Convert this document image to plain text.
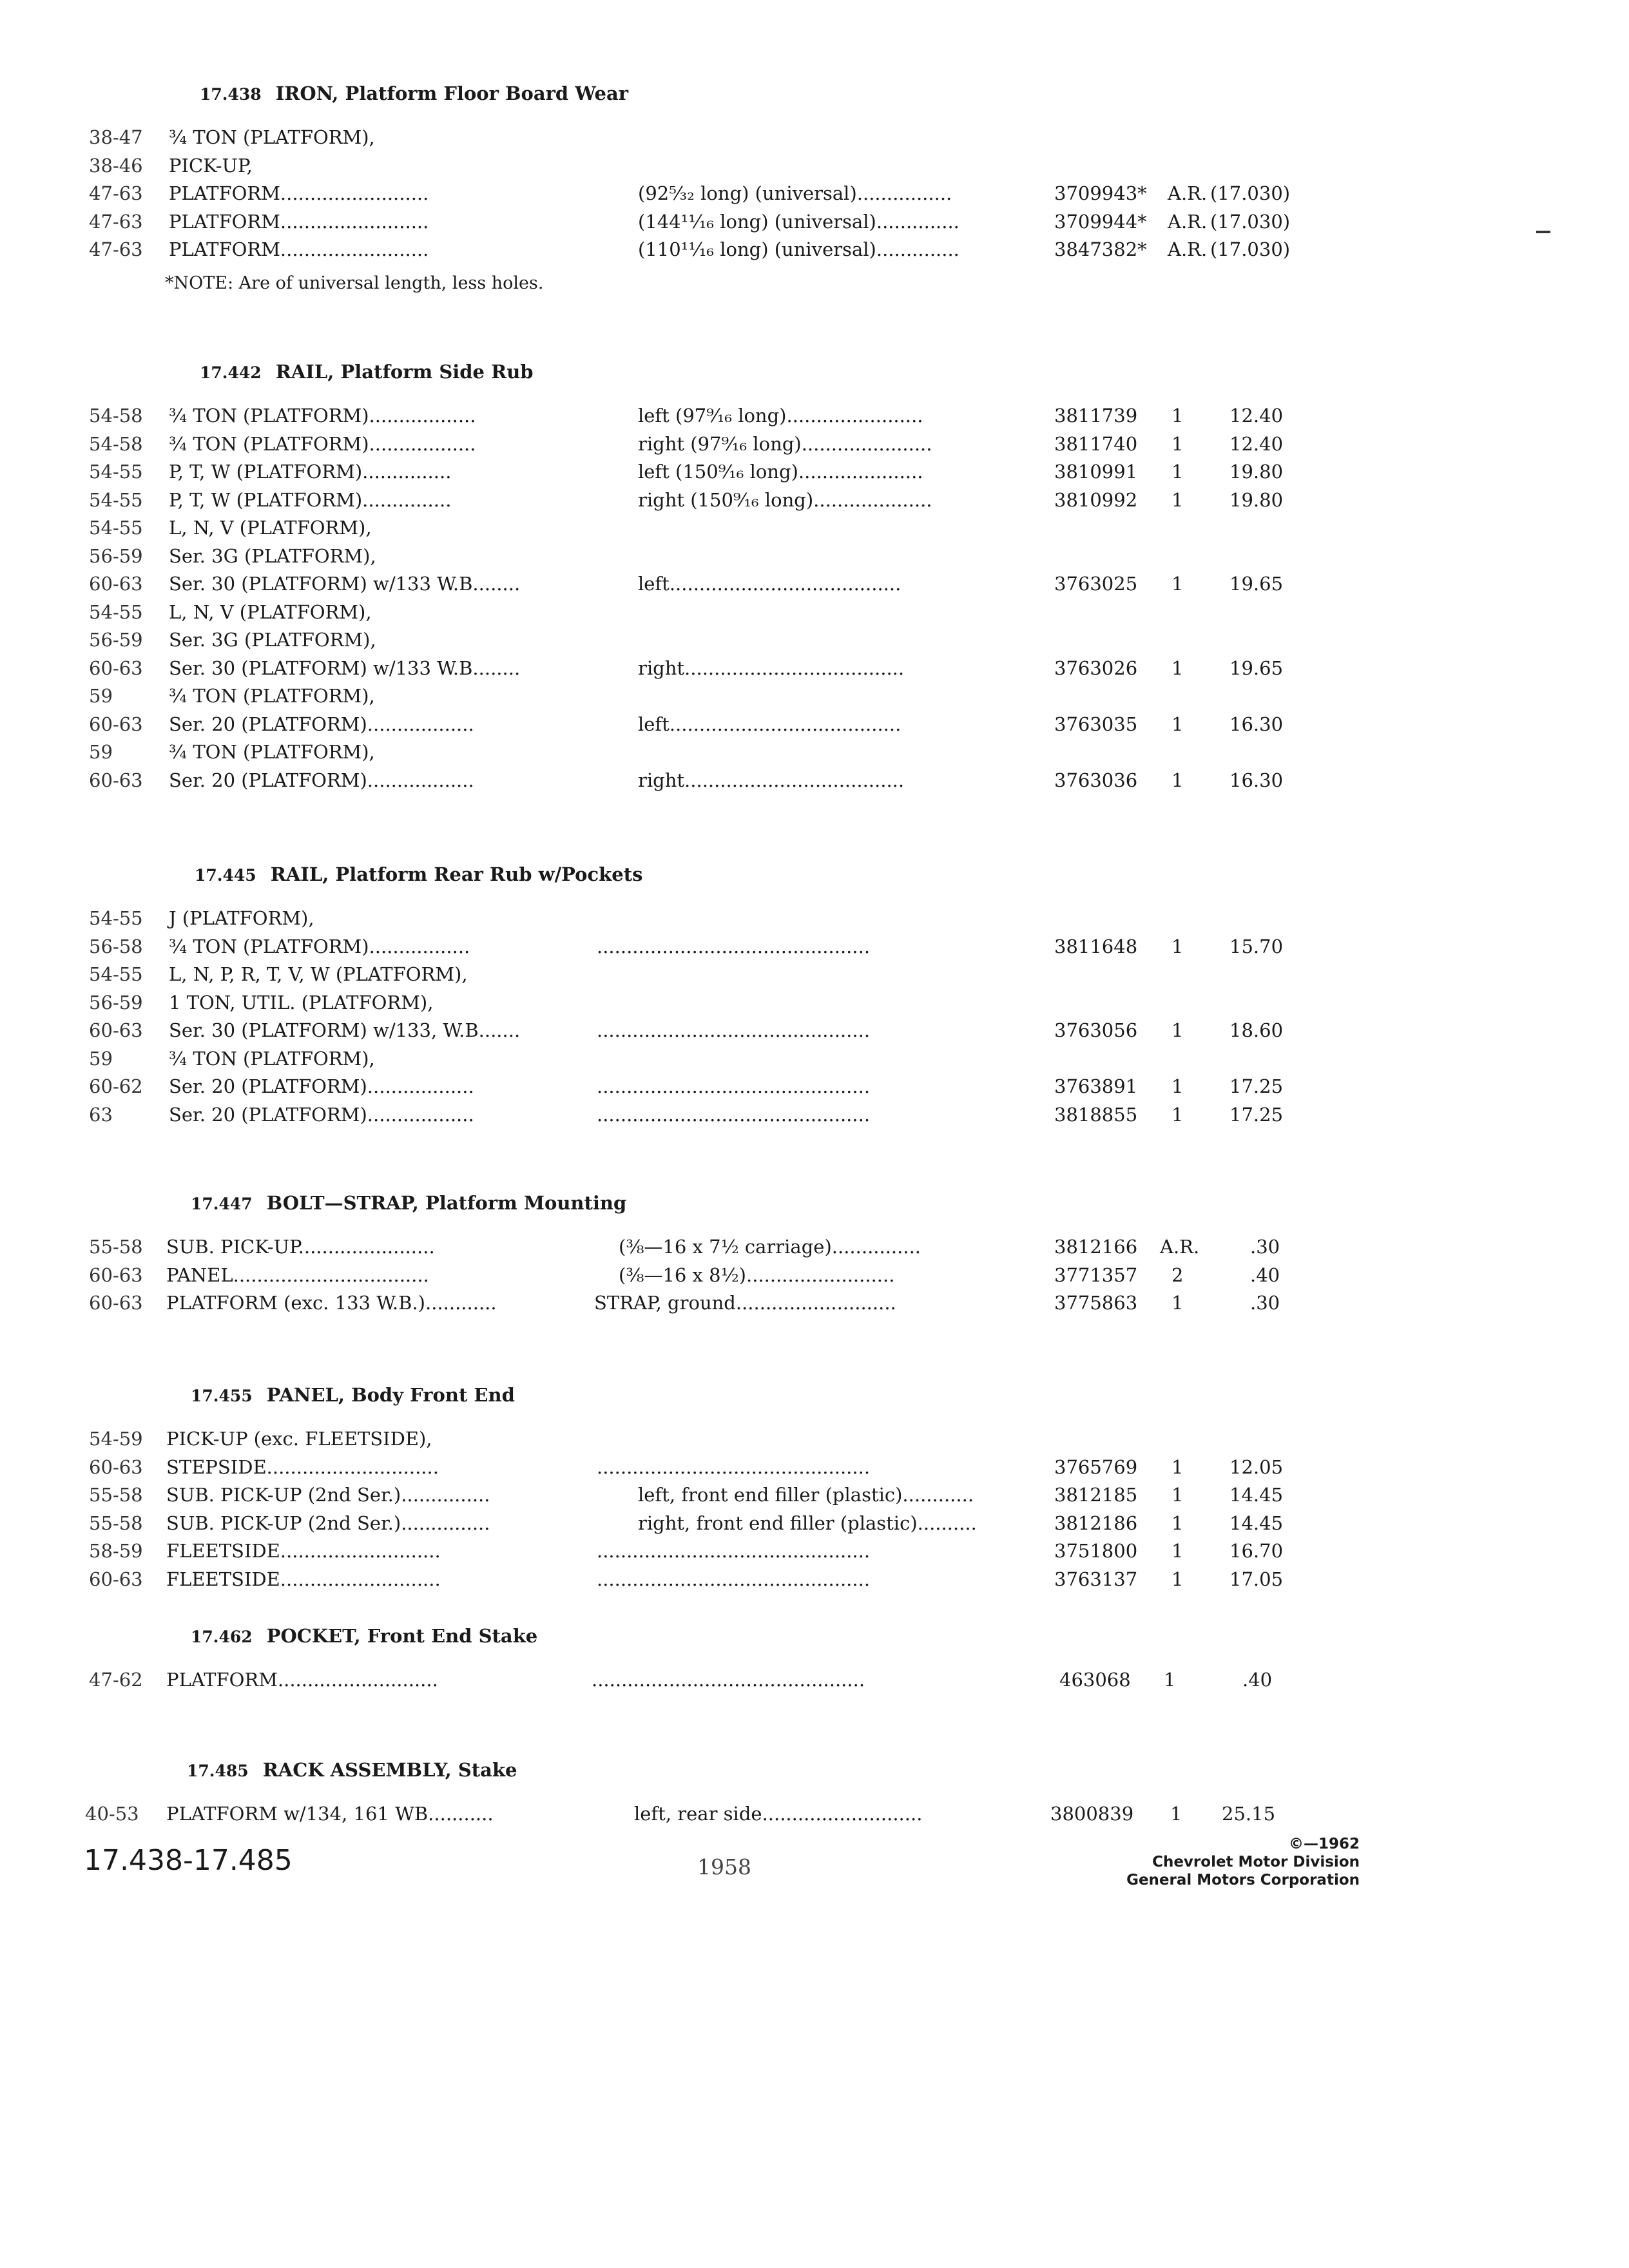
17.438 IRON, Platform Floor Board Wear
38-47 ¾ TON (PLATFORM),
38-46 PICK-UP,
47-63 PLATFORM.........................	(92⁵⁄₃₂ long) (universal)................	3709943* A.R. (17.030)
47-63 PLATFORM.........................	(144¹¹⁄₁₆ long) (universal)..............	3709944* A.R. (17.030)
47-63 PLATFORM.........................	(110¹¹⁄₁₆ long) (universal)..............	3847382* A.R. (17.030)
*NOTE: Are of universal length, less holes.
17.442 RAIL, Platform Side Rub
54-58 ¾ TON (PLATFORM)..................	left (97⁹⁄₁₆ long).......................	3811739 1 12.40
54-58 ¾ TON (PLATFORM)..................	right (97⁹⁄₁₆ long)......................	3811740 1 12.40
54-55 P, T, W (PLATFORM)...............	left (150⁹⁄₁₆ long).....................	3810991 1 19.80
54-55 P, T, W (PLATFORM)...............	right (150⁹⁄₁₆ long)....................	3810992 1 19.80
54-55 L, N, V (PLATFORM),
56-59 Ser. 3G (PLATFORM),
60-63 Ser. 30 (PLATFORM) w/133 W.B........	left.......................................	3763025 1 19.65
54-55 L, N, V (PLATFORM),
56-59 Ser. 3G (PLATFORM),
60-63 Ser. 30 (PLATFORM) w/133 W.B........	right.....................................	3763026 1 19.65
59	¾ TON (PLATFORM),
60-63 Ser. 20 (PLATFORM)..................	left.......................................	3763035 1 16.30
59	¾ TON (PLATFORM),
60-63 Ser. 20 (PLATFORM)..................	right.....................................	3763036 1 16.30
17.445 RAIL, Platform Rear Rub w/Pockets
54-55 J (PLATFORM),
56-58 ¾ TON (PLATFORM).................	..............................................	3811648 1 15.70
54-55 L, N, P, R, T, V, W (PLATFORM),
56-59 1 TON, UTIL. (PLATFORM),
60-63 Ser. 30 (PLATFORM) w/133, W.B.......	..............................................	3763056 1 18.60
59	¾ TON (PLATFORM),
60-62 Ser. 20 (PLATFORM)..................	..............................................	3763891 1 17.25
63	Ser. 20 (PLATFORM)..................	..............................................	3818855 1 17.25
17.447 BOLT—STRAP, Platform Mounting
55-58 SUB. PICK-UP.......................	(⅜—16 x 7½ carriage)...............	3812166 A.R.	.30
60-63 PANEL.................................	(⅜—16 x 8½).........................	3771357 2	.40
60-63 PLATFORM (exc. 133 W.B.)............	STRAP, ground...........................	3775863 1	.30
17.455 PANEL, Body Front End
54-59 PICK-UP (exc. FLEETSIDE),
60-63 STEPSIDE.............................	..............................................	3765769 1 12.05
55-58 SUB. PICK-UP (2nd Ser.)...............	left, front end filler (plastic)............	3812185 1 14.45
55-58 SUB. PICK-UP (2nd Ser.)...............	right, front end filler (plastic)..........	3812186 1 14.45
58-59 FLEETSIDE...........................	..............................................	3751800 1 16.70
60-63 FLEETSIDE...........................	..............................................	3763137 1 17.05
17.462 POCKET, Front End Stake
47-62 PLATFORM...........................	..............................................	463068 1	.40
17.485 RACK ASSEMBLY, Stake
40-53 PLATFORM w/134, 161 WB...........	left, rear side...........................	3800839 1 25.15
17.438-17.485	1958
©—1962
Chevrolet Motor Division
General Motors Corporation
